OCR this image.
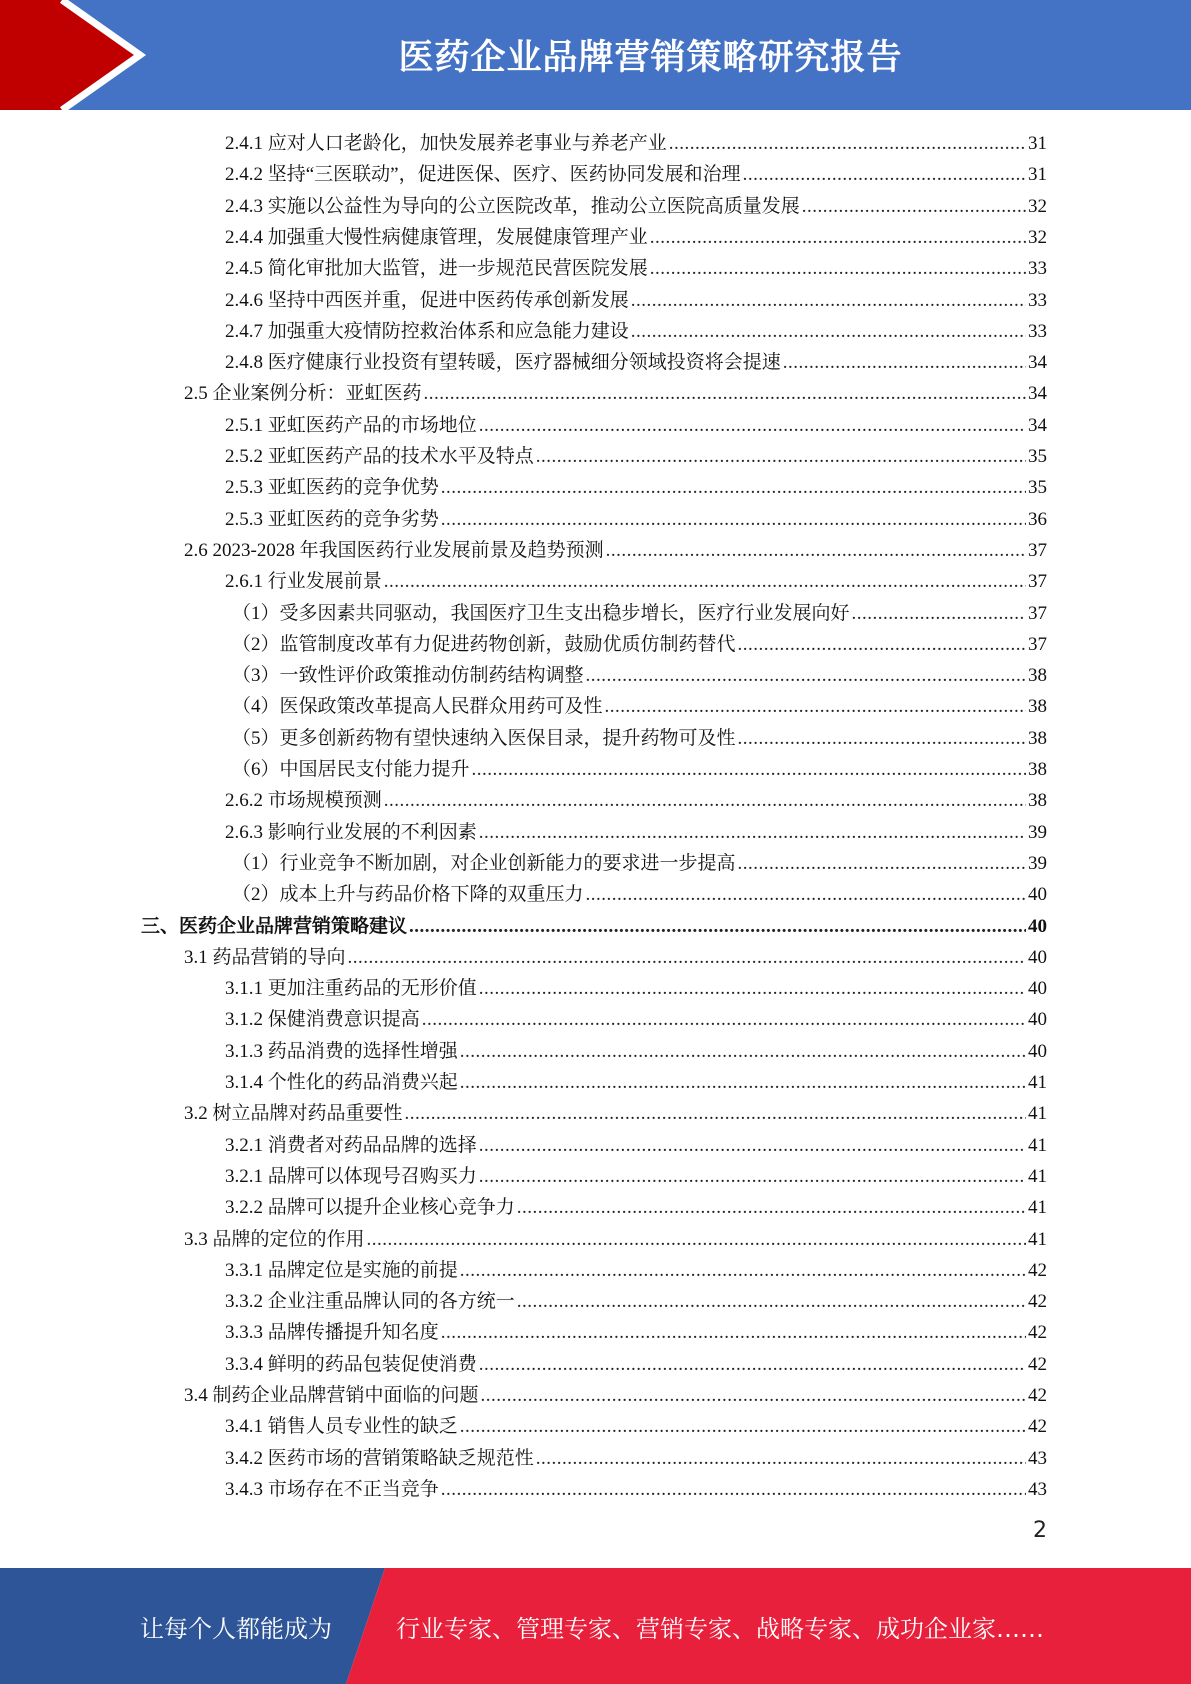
医药企业品牌营销策略研究报告
2.4.1 应对人口老龄化，加快发展养老事业与养老产业 .....	31
2.4.2 坚持“三医联动”，促进医保、医疗、医药协同发展和治理 .....	31
2.4.3 实施以公益性为导向的公立医院改革，推动公立医院高质量发展 .....	32
2.4.4 加强重大慢性病健康管理，发展健康管理产业 .....	32
2.4.5 简化审批加大监管，进一步规范民营医院发展 .....	33
2.4.6 坚持中西医并重，促进中医药传承创新发展 .....	33
2.4.7 加强重大疫情防控救治体系和应急能力建设 .....	33
2.4.8 医疗健康行业投资有望转暖，医疗器械细分领域投资将会提速 .....	34
2.5 企业案例分析：亚虹医药 .....	34
2.5.1 亚虹医药产品的市场地位 .....	34
2.5.2 亚虹医药产品的技术水平及特点 .....	35
2.5.3 亚虹医药的竞争优势 .....	35
2.5.3 亚虹医药的竞争劣势 .....	36
2.6 2023-2028 年我国医药行业发展前景及趋势预测 .....	37
2.6.1 行业发展前景 .....	37
（1）受多因素共同驱动，我国医疗卫生支出稳步增长，医疗行业发展向好 .....	37
（2）监管制度改革有力促进药物创新，鼓励优质仿制药替代 .....	37
（3）一致性评价政策推动仿制药结构调整 .....	38
（4）医保政策改革提高人民群众用药可及性 .....	38
（5）更多创新药物有望快速纳入医保目录，提升药物可及性 .....	38
（6）中国居民支付能力提升 .....	38
2.6.2 市场规模预测 .....	38
2.6.3 影响行业发展的不利因素 .....	39
（1）行业竞争不断加剧，对企业创新能力的要求进一步提高 .....	39
（2）成本上升与药品价格下降的双重压力 .....	40
三、医药企业品牌营销策略建议 .....	40
3.1 药品营销的导向 .....	40
3.1.1 更加注重药品的无形价值 .....	40
3.1.2 保健消费意识提高 .....	40
3.1.3 药品消费的选择性增强 .....	40
3.1.4 个性化的药品消费兴起 .....	41
3.2 树立品牌对药品重要性 .....	41
3.2.1 消费者对药品品牌的选择 .....	41
3.2.1 品牌可以体现号召购买力 .....	41
3.2.2 品牌可以提升企业核心竞争力 .....	41
3.3 品牌的定位的作用 .....	41
3.3.1 品牌定位是实施的前提 .....	42
3.3.2 企业注重品牌认同的各方统一 .....	42
3.3.3 品牌传播提升知名度 .....	42
3.3.4 鲜明的药品包装促使消费 .....	42
3.4 制药企业品牌营销中面临的问题 .....	42
3.4.1 销售人员专业性的缺乏 .....	42
3.4.2 医药市场的营销策略缺乏规范性 .....	43
3.4.3 市场存在不正当竞争 .....	43
2
让每个人都能成为	行业专家、管理专家、营销专家、战略专家、成功企业家……
